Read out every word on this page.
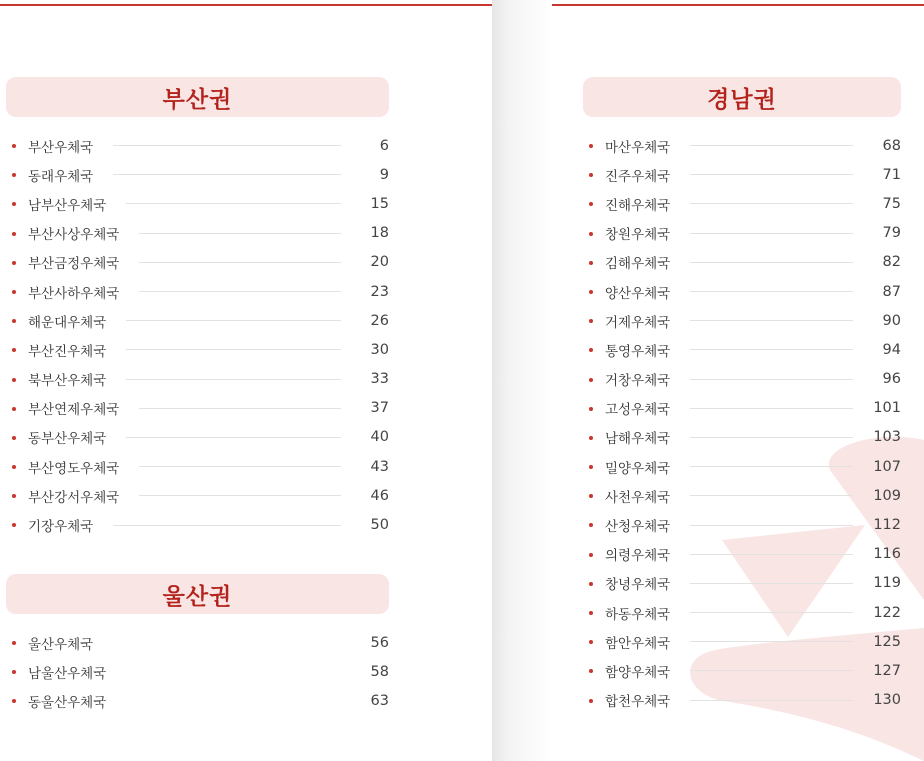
부산권
부산우체국	6
동래우체국	9
남부산우체국	15
부산사상우체국	18
부산금정우체국	20
부산사하우체국	23
해운대우체국	26
부산진우체국	30
북부산우체국	33
부산연제우체국	37
동부산우체국	40
부산영도우체국	43
부산강서우체국	46
기장우체국	50
울산권
울산우체국	56
남울산우체국	58
동울산우체국	63
경남권
마산우체국	68
진주우체국	71
진해우체국	75
창원우체국	79
김해우체국	82
양산우체국	87
거제우체국	90
통영우체국	94
거창우체국	96
고성우체국	101
남해우체국	103
밀양우체국	107
사천우체국	109
산청우체국	112
의령우체국	116
창녕우체국	119
하동우체국	122
함안우체국	125
함양우체국	127
합천우체국	130
